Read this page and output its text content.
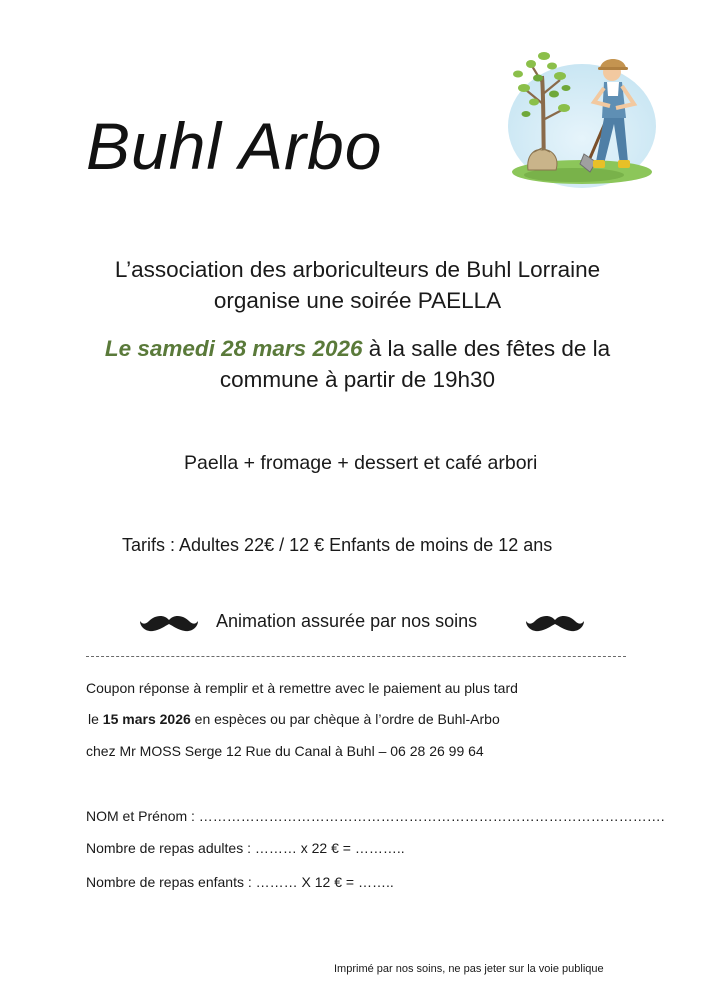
Buhl Arbo
L’association des arboriculteurs de Buhl Lorraine
organise une soirée PAELLA
Le samedi 28 mars 2026 à la salle des fêtes de la
commune à partir de 19h30
Paella + fromage + dessert et café arbori
Tarifs : Adultes 22€ / 12 € Enfants de moins de 12 ans
Animation assurée par nos soins
Coupon réponse à remplir et à remettre avec le paiement au plus tard
le 15 mars 2026 en espèces ou par chèque à l’ordre de Buhl-Arbo
chez Mr MOSS Serge 12 Rue du Canal à Buhl – 06 28 26 99 64
NOM et Prénom : ……………………………………………………………………………………….
Nombre de repas adultes : ……… x 22 € = ………..
Nombre de repas enfants : ……… X 12 € = ……..
Imprimé par nos soins, ne pas jeter sur la voie publique
